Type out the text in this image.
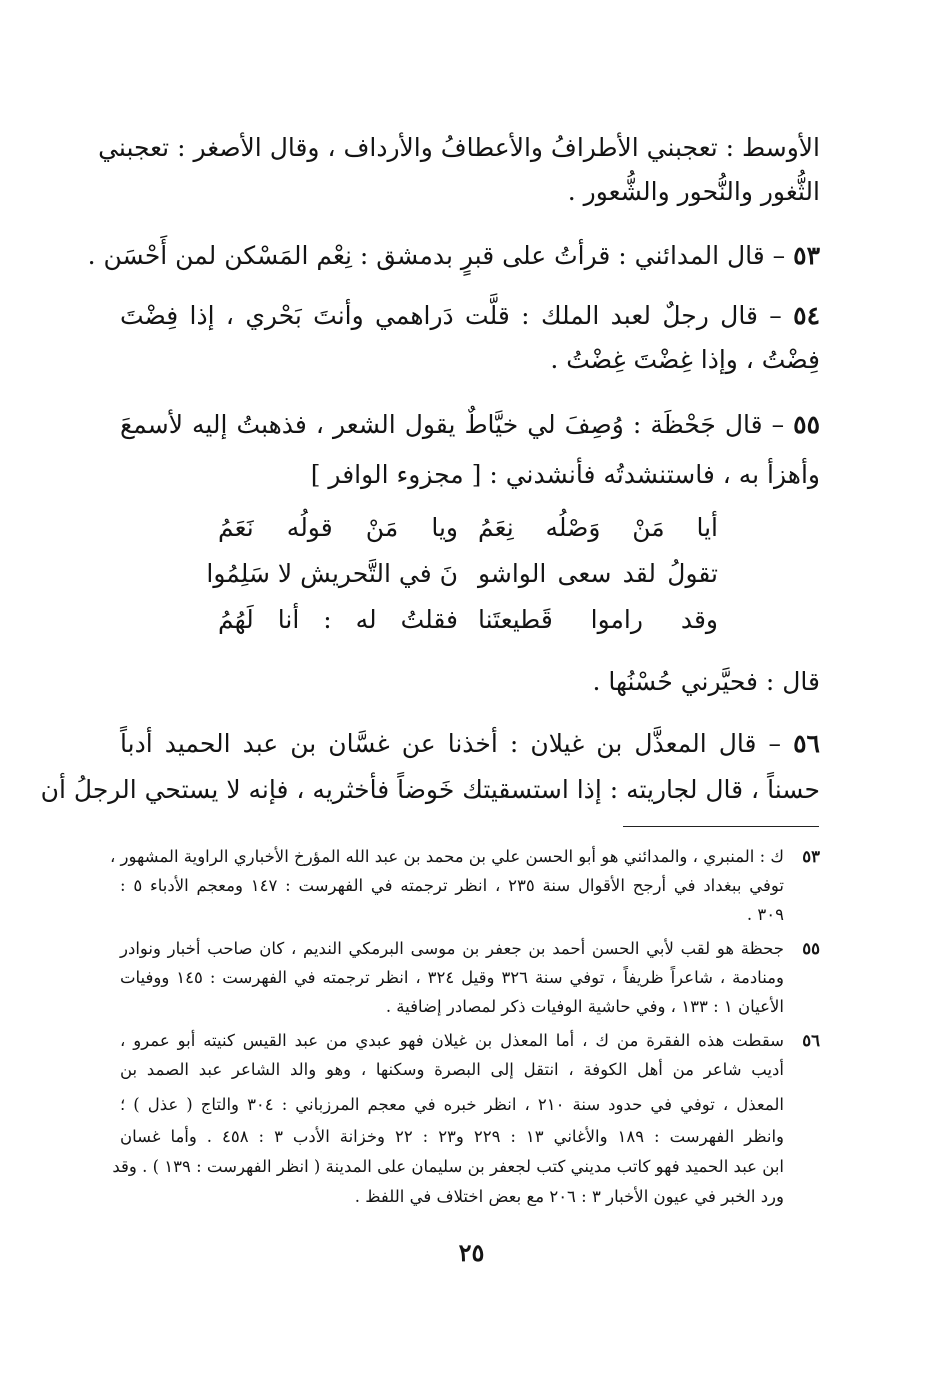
الأوسط : تعجبني الأطرافُ والأعطافُ والأرداف ، وقال الأصغر : تعجبني
الثُّغور والنُّحور والشُّعور .
٥٣ – قال المدائني : قرأتُ على قبرٍ بدمشق : نِعْم المَسْكن لمن أَحْسَن .
٥٤ – قال رجلٌ لعبد الملك : قلَّت دَراهمي وأنتَ بَحْري ، إذا فِضْتَ
فِضْتُ ، وإذا غِضْتَ غِضْتُ .
٥٥ – قال جَحْظَة : وُصِفَ لي خيَّاطٌ يقول الشعر ، فذهبتُ إليه لأسمعَ
وأهزأ به ، فاستنشدتُه فأنشدني : [ مجزوء الوافر ]
أيا مَنْ وَصْلُه نِعَمُ
ويا مَنْ قولُه نَعَمُ
تقولُ لقد سعى الواشو
نَ في التَّحريش لا سَلِمُوا
وقد راموا قَطيعتَنا
فقلتُ له : أنا لَهُمُ
قال : فحيَّرني حُسْنُها .
٥٦ – قال المعذَّل بن غيلان : أخذنا عن غسَّان بن عبد الحميد أدباً
حسناً ، قال لجاريته : إذا استسقيتك خَوضاً فأخثريه ، فإنه لا يستحي الرجلُ أن
٥٣
ك : المنبري ، والمدائني هو أبو الحسن علي بن محمد بن عبد الله المؤرخ الأخباري الراوية المشهور ،
توفي ببغداد في أرجح الأقوال سنة ٢٣٥ ، انظر ترجمته في الفهرست : ١٤٧ ومعجم الأدباء ٥ :
٣٠٩ .
٥٥
جحظة هو لقب لأبي الحسن أحمد بن جعفر بن موسى البرمكي النديم ، كان صاحب أخبار ونوادر
ومنادمة ، شاعراً ظريفاً ، توفي سنة ٣٢٦ وقيل ٣٢٤ ، انظر ترجمته في الفهرست : ١٤٥ ووفيات
الأعيان ١ : ١٣٣ ، وفي حاشية الوفيات ذكر لمصادر إضافية .
٥٦
سقطت هذه الفقرة من ك ، أما المعذل بن غيلان فهو عبدي من عبد القيس كنيته أبو عمرو ،
أديب شاعر من أهل الكوفة ، انتقل إلى البصرة وسكنها ، وهو والد الشاعر عبد الصمد بن
المعذل ، توفي في حدود سنة ٢١٠ ، انظر خبره في معجم المرزباني : ٣٠٤ والتاج ( عذل ) ؛
وانظر الفهرست : ١٨٩ والأغاني ١٣ : ٢٢٩ و٢٣ : ٢٢ وخزانة الأدب ٣ : ٤٥٨ . وأما غسان
ابن عبد الحميد فهو كاتب مديني كتب لجعفر بن سليمان على المدينة ( انظر الفهرست : ١٣٩ ) . وقد
ورد الخبر في عيون الأخبار ٣ : ٢٠٦ مع بعض اختلاف في اللفظ .
٢٥
